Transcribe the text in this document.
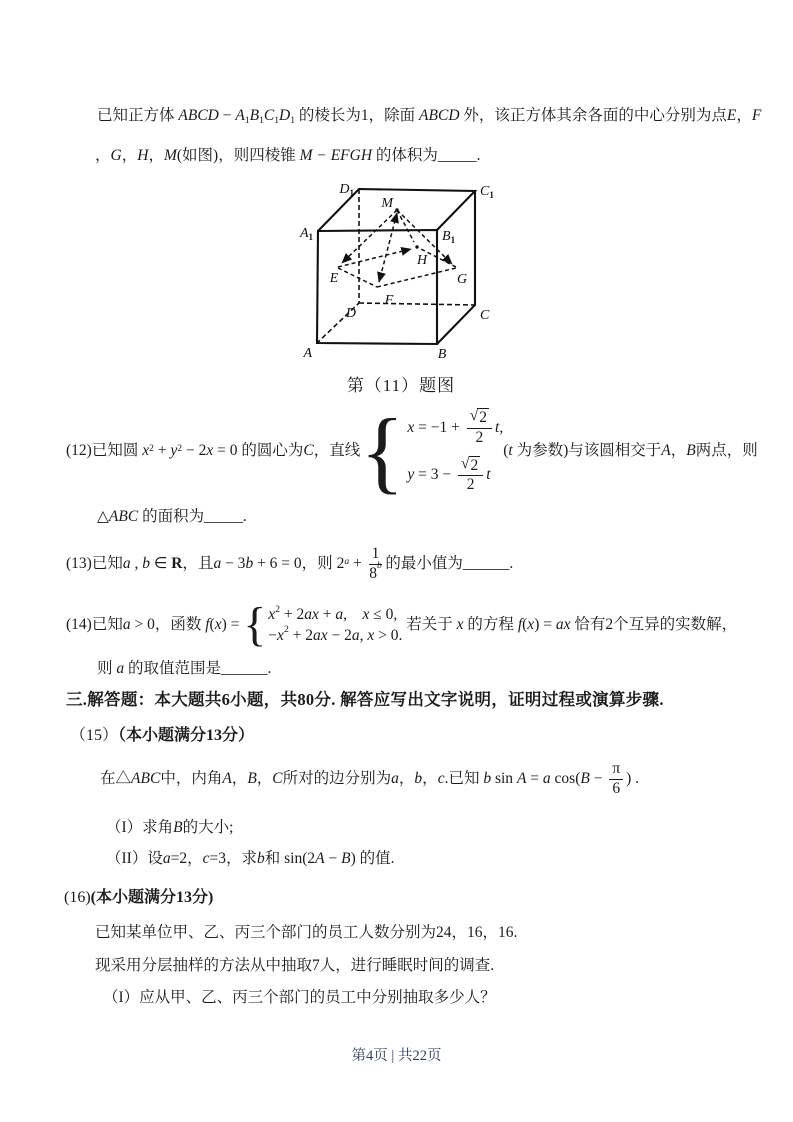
已知正方体 ABCD − A1B1C1D1 的棱长为1，除面 ABCD 外，该正方体其余各面的中心分别为点E，F
，G，H，M(如图)，则四棱锥 M − EFGH 的体积为_____.
$D_1$	$C_1$
$A_1$	$B_1$
M
H
E	G
F
D	C
A	B
第（11）题图
(12)已知圆 $x^2 + y^2 - 2x = 0$ 的圆心为C，直线 { $x = -1 + \frac{√ 2}{2} t$,
$y = 3 - \frac{√ 2}{2}$ t
(t 为参数)与该圆相交于A，B两点，则
△ABC 的面积为_____.
(13)已知a , b ∈ R，且a − 3b + 6 = 0，则 $2^a + \frac{1}{8 b}$ 的最小值为______.
(14)已知a > 0，函数 f(x) = { x 2 + 2 ax + a , x ≤ 0,
− x 2 + 2 ax − 2 a , x > 0.
若关于 x 的方程 f(x) = ax 恰有2个互异的实数解，
则 a 的取值范围是______.
三.解答题：本大题共6小题，共80分. 解答应写出文字说明，证明过程或演算步骤.
（15）（本小题满分13分）
在△ABC中，内角A，B，C所对的边分别为a，b，c.已知 b sin A = a $\cos(B - \frac{\pi}{6}$ ) .
（I）求角B的大小;
（II）设a=2，c=3，求b和 sin(2A − B) 的值.
(16)(本小题满分13分)
已知某单位甲、乙、丙三个部门的员工人数分别为24，16，16.
现采用分层抽样的方法从中抽取7人，进行睡眠时间的调查.
（I）应从甲、乙、丙三个部门的员工中分别抽取多少人？
第4页 | 共22页
